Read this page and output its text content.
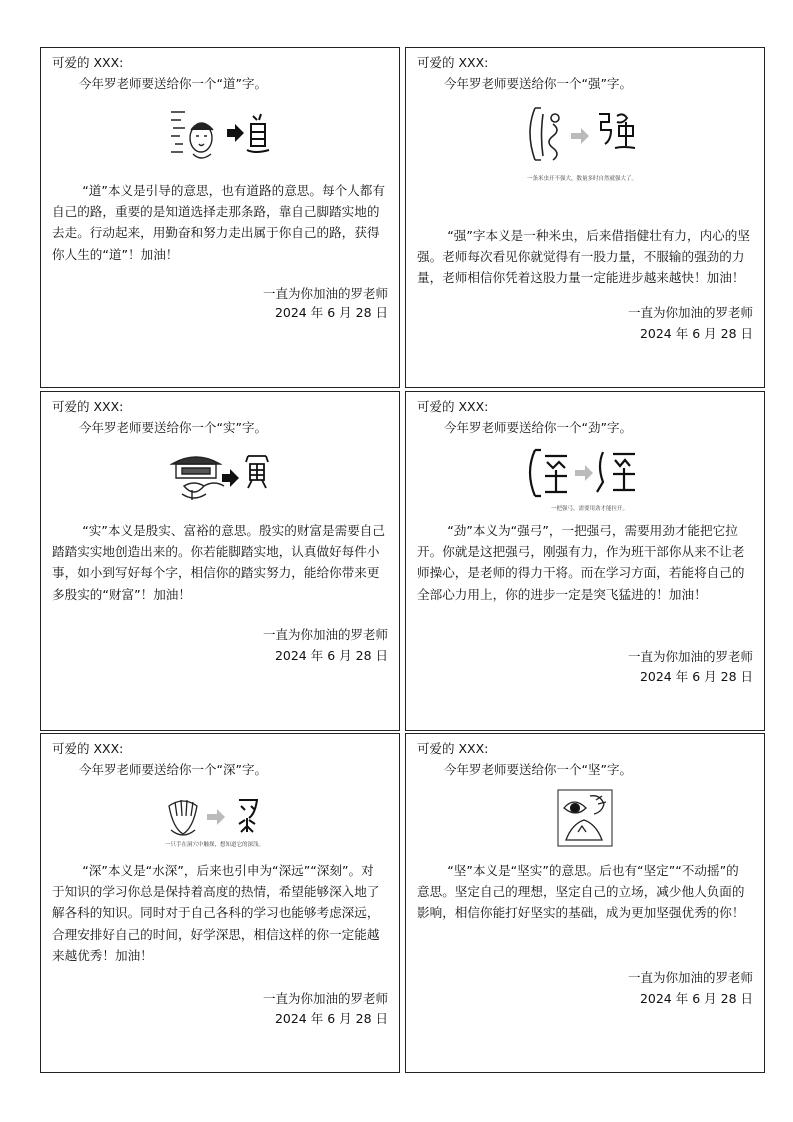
可爱的 XXX:
今年罗老师要送给你一个“道”字。
“道”本义是引导的意思，也有道路的意思。每个人都有自己的路，重要的是知道选择走那条路，靠自己脚踏实地的去走。行动起来，用勤奋和努力走出属于你自己的路，获得你人生的“道”！加油！
一直为你加油的罗老师
2024 年 6 月 28 日
可爱的 XXX:
今年罗老师要送给你一个“强”字。
一条米虫开不强大，数量多时自然就强大了。
“强”字本义是一种米虫，后来借指健壮有力，内心的坚强。老师每次看见你就觉得有一股力量，不服输的强劲的力量，老师相信你凭着这股力量一定能进步越来越快！加油！
一直为你加油的罗老师
2024 年 6 月 28 日
可爱的 XXX:
今年罗老师要送给你一个“实”字。
“实”本义是殷实、富裕的意思。殷实的财富是需要自己踏踏实实地创造出来的。你若能脚踏实地，认真做好每件小事，如小到写好每个字，相信你的踏实努力，能给你带来更多殷实的“财富”！加油！
一直为你加油的罗老师
2024 年 6 月 28 日
可爱的 XXX:
今年罗老师要送给你一个“劲”字。
一把强弓，需要用劲才能拉开。
“劲”本义为“强弓”，一把强弓，需要用劲才能把它拉开。你就是这把强弓，刚强有力，作为班干部你从来不让老师操心，是老师的得力干将。而在学习方面，若能将自己的全部心力用上，你的进步一定是突飞猛进的！加油！
一直为你加油的罗老师
2024 年 6 月 28 日
可爱的 XXX:
今年罗老师要送给你一个“深”字。
一只手在洞穴中触探，想知道它的深浅。
“深”本义是“水深”，后来也引申为“深远”“深刻”。对于知识的学习你总是保持着高度的热情，希望能够深入地了解各科的知识。同时对于自己各科的学习也能够考虑深远，合理安排好自己的时间，好学深思，相信这样的你一定能越来越优秀！加油！
一直为你加油的罗老师
2024 年 6 月 28 日
可爱的 XXX:
今年罗老师要送给你一个“坚”字。
“坚”本义是“坚实”的意思。后也有“坚定”“不动摇”的意思。坚定自己的理想，坚定自己的立场，减少他人负面的影响，相信你能打好坚实的基础，成为更加坚强优秀的你！
一直为你加油的罗老师
2024 年 6 月 28 日
